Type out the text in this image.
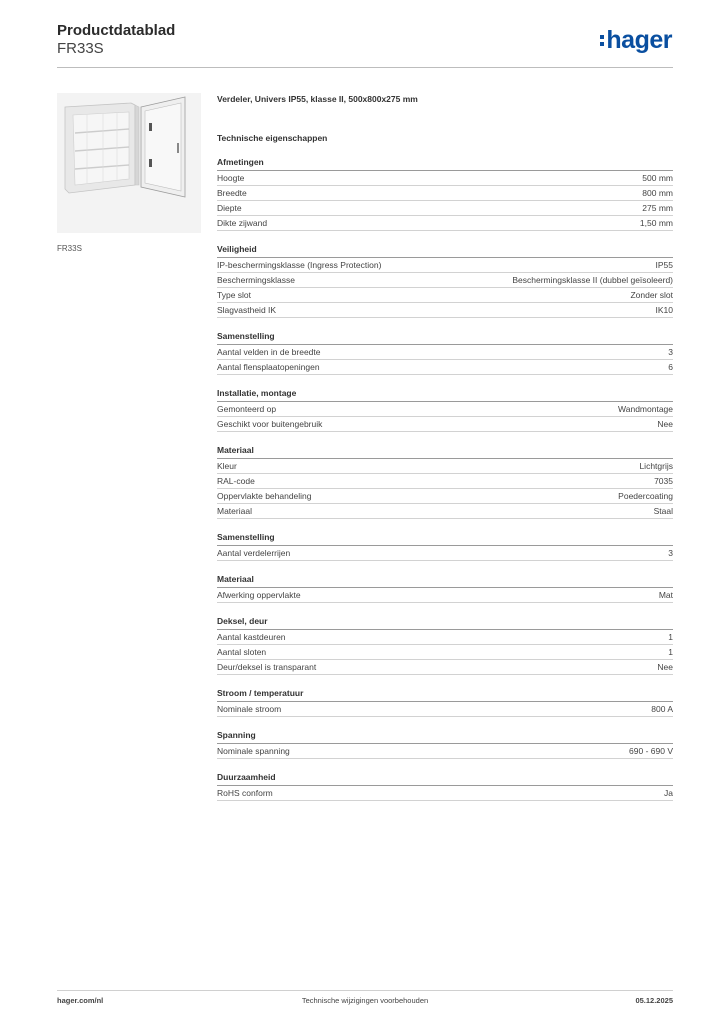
Productdatablad
FR33S	hager
FR33S
Verdeler, Univers IP55, klasse II, 500x800x275 mm
Technische eigenschappen
Afmetingen
Hoogte	500 mm
Breedte	800 mm
Diepte	275 mm
Dikte zijwand	1,50 mm
Veiligheid
IP-beschermingsklasse (Ingress Protection)	IP55
Beschermingsklasse	Beschermingsklasse II (dubbel geïsoleerd)
Type slot	Zonder slot
Slagvastheid IK	IK10
Samenstelling
Aantal velden in de breedte	3
Aantal flensplaatopeningen	6
Installatie, montage
Gemonteerd op	Wandmontage
Geschikt voor buitengebruik	Nee
Materiaal
Kleur	Lichtgrijs
RAL-code	7035
Oppervlakte behandeling	Poedercoating
Materiaal	Staal
Samenstelling
Aantal verdelerrijen	3
Materiaal
Afwerking oppervlakte	Mat
Deksel, deur
Aantal kastdeuren	1
Aantal sloten	1
Deur/deksel is transparant	Nee
Stroom / temperatuur
Nominale stroom	800 A
Spanning
Nominale spanning	690 - 690 V
Duurzaamheid
RoHS conform	Ja
hager.com/nl	Technische wijzigingen voorbehouden	05.12.2025
